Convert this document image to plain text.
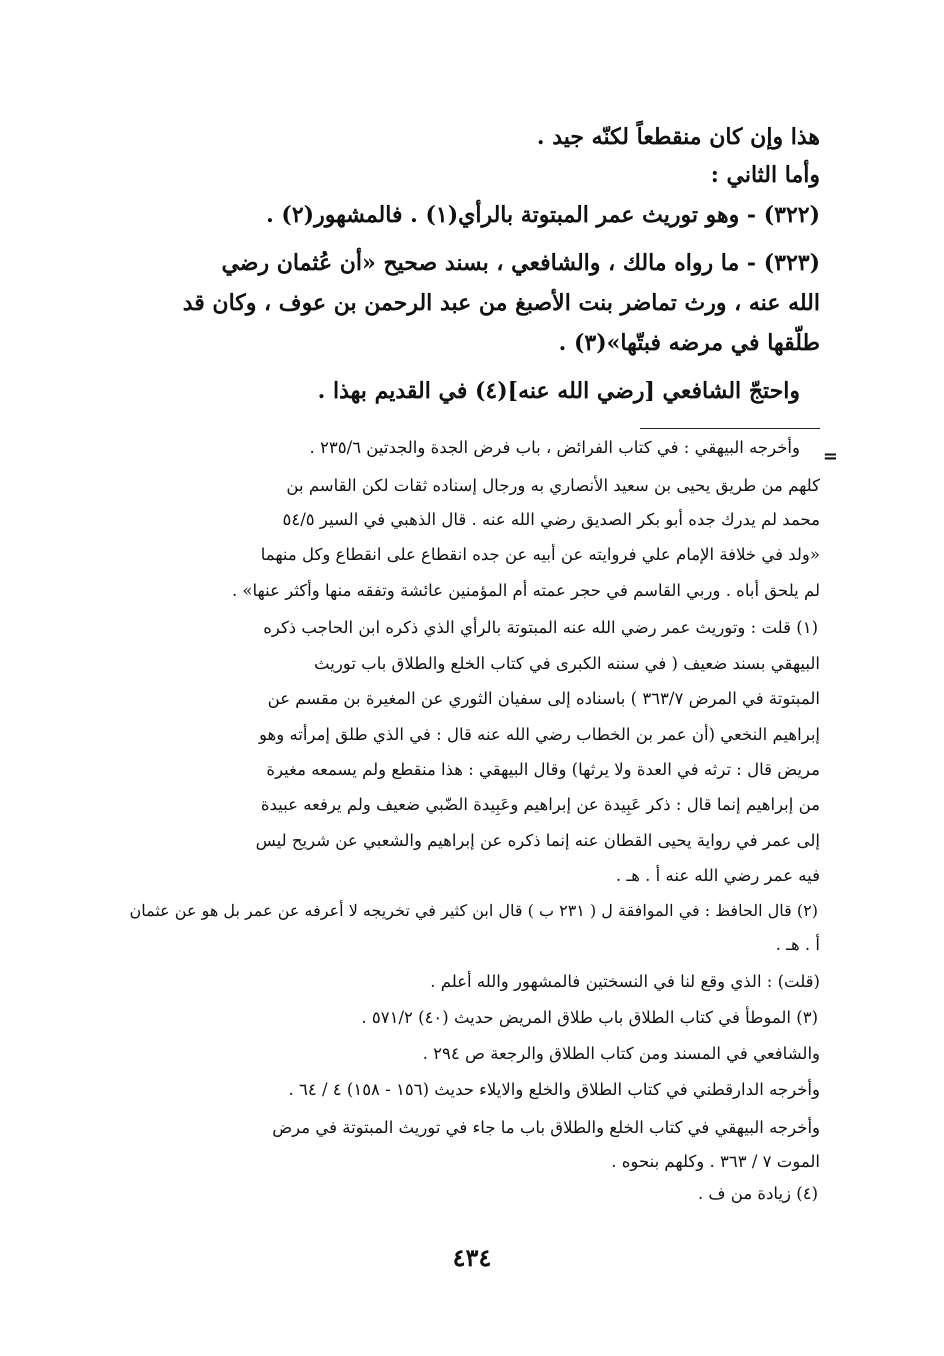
هذا وإن كان منقطعاً لكنّه جيد .

وأما الثاني :

(٣٢٢) - وهو توريث عمر المبتوتة بالرأي(١) . فالمشهور(٢) .

(٣٢٣) - ما رواه مالك ، والشافعي ، بسند صحيح «أن عُثمان رضي

الله عنه ، ورث تماضر بنت الأصبغ من عبد الرحمن بن عوف ، وكان قد

طلّقها في مرضه فبتّها»(٣) .

واحتجّ الشافعي [رضي الله عنه](٤) في القديم بهذا .

=

وأخرجه البيهقي : في كتاب الفرائض ، باب فرض الجدة والجدتين ٢٣٥/٦ .

كلهم من طريق يحيى بن سعيد الأنصاري به ورجال إسناده ثقات لكن القاسم بن

محمد لم يدرك جده أبو بكر الصديق رضي الله عنه . قال الذهبي في السير ٥٤/٥

«ولد في خلافة الإمام علي فروايته عن أبيه عن جده انقطاع على انقطاع وكل منهما

لم يلحق أباه . وربي القاسم في حجر عمته أم المؤمنين عائشة وتفقه منها وأكثر عنها» .

(١) قلت : وتوريث عمر رضي الله عنه المبتوتة بالرأي الذي ذكره ابن الحاجب ذكره

البيهقي بسند ضعيف ( في سننه الكبرى في كتاب الخلع والطلاق باب توريث

المبتوتة في المرض ٣٦٣/٧ ) باسناده إلى سفيان الثوري عن المغيرة بن مقسم عن

إبراهيم النخعي (أن عمر بن الخطاب رضي الله عنه قال : في الذي طلق إمرأته وهو

مريض قال : ترثه في العدة ولا يرثها) وقال البيهقي : هذا منقطع ولم يسمعه مغيرة

من إبراهيم إنما قال : ذكر عَبِيدة عن إبراهيم وعَبِيدة الضّبي ضعيف ولم يرفعه عبيدة

إلى عمر في رواية يحيى القطان عنه إنما ذكره عن إبراهيم والشعبي عن شريح ليس

فيه عمر رضي الله عنه أ . هـ .

(٢) قال الحافظ : في الموافقة ل ( ٢٣١ ب ) قال ابن كثير في تخريجه لا أعرفه عن عمر بل هو عن عثمان

أ . هـ .

(قلت) : الذي وقع لنا في النسختين فالمشهور والله أعلم .

(٣) الموطأ في كتاب الطلاق باب طلاق المريض حديث (٤٠) ٥٧١/٢ .

والشافعي في المسند ومن كتاب الطلاق والرجعة ص ٢٩٤ .

وأخرجه الدارقطني في كتاب الطلاق والخلع والايلاء حديث (١٥٦ - ١٥٨) ٤ / ٦٤ .

وأخرجه البيهقي في كتاب الخلع والطلاق باب ما جاء في توريث المبتوتة في مرض

الموت ٧ / ٣٦٣ . وكلهم بنحوه .

(٤) زيادة من ف .

٤٣٤
